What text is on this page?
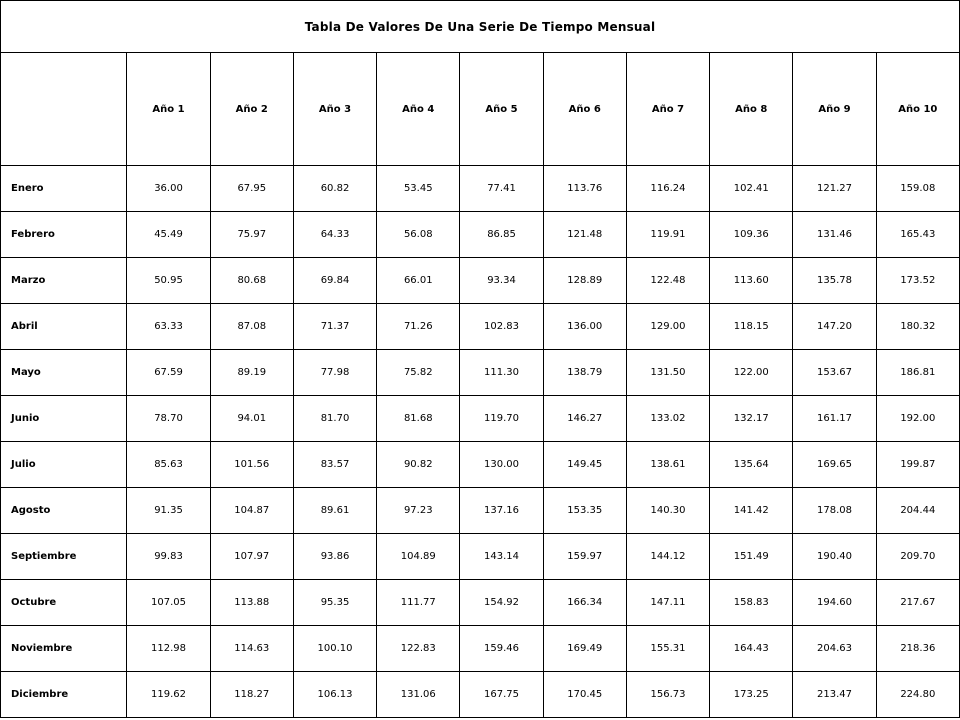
Tabla De Valores De Una Serie De Tiempo Mensual
	Año 1	Año 2	Año 3	Año 4	Año 5	Año 6	Año 7	Año 8	Año 9	Año 10
Enero	36.00	67.95	60.82	53.45	77.41	113.76	116.24	102.41	121.27	159.08
Febrero	45.49	75.97	64.33	56.08	86.85	121.48	119.91	109.36	131.46	165.43
Marzo	50.95	80.68	69.84	66.01	93.34	128.89	122.48	113.60	135.78	173.52
Abril	63.33	87.08	71.37	71.26	102.83	136.00	129.00	118.15	147.20	180.32
Mayo	67.59	89.19	77.98	75.82	111.30	138.79	131.50	122.00	153.67	186.81
Junio	78.70	94.01	81.70	81.68	119.70	146.27	133.02	132.17	161.17	192.00
Julio	85.63	101.56	83.57	90.82	130.00	149.45	138.61	135.64	169.65	199.87
Agosto	91.35	104.87	89.61	97.23	137.16	153.35	140.30	141.42	178.08	204.44
Septiembre	99.83	107.97	93.86	104.89	143.14	159.97	144.12	151.49	190.40	209.70
Octubre	107.05	113.88	95.35	111.77	154.92	166.34	147.11	158.83	194.60	217.67
Noviembre	112.98	114.63	100.10	122.83	159.46	169.49	155.31	164.43	204.63	218.36
Diciembre	119.62	118.27	106.13	131.06	167.75	170.45	156.73	173.25	213.47	224.80
